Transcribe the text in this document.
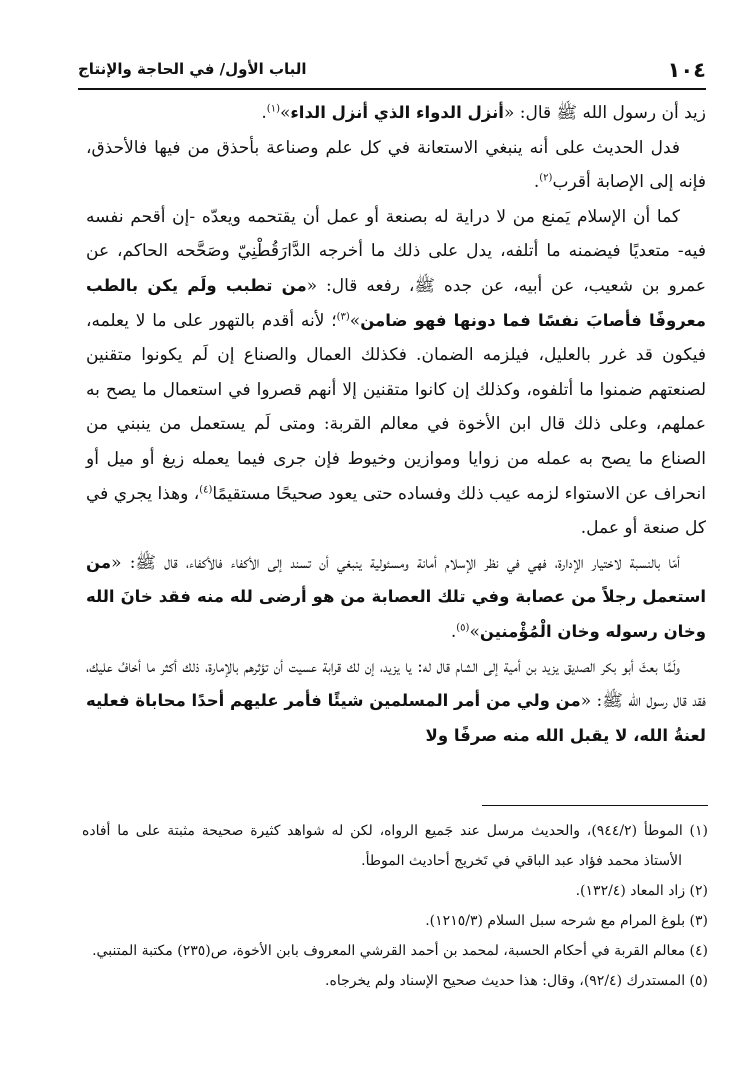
١٠٤
الباب الأول/ في الحاجة والإنتاج

زيد أن رسول الله ﷺ قال: «أنزل الدواء الذي أنزل الداء»$^{(١)}$.

فدل الحديث على أنه ينبغي الاستعانة في كل علم وصناعة بأحذق من فيها فالأحذق، فإنه إلى الإصابة أقرب$^{(٢)}$.

كما أن الإسلام يَمنع من لا دراية له بصنعة أو عمل أن يقتحمه ويعدّه -إن أقحم نفسه فيه- متعديًا فيضمنه ما أتلفه، يدل على ذلك ما أخرجه الدَّارَقُطْنِيّ وصَحَّحه الحاكم، عن عمرو بن شعيب، عن أبيه، عن جده ﷺ، رفعه قال: «من تطبب ولَم يكن بالطب معروفًا فأصابَ نفسًا فما دونها فهو ضامن»$^{(٣)}$؛ لأنه أقدم بالتهور على ما لا يعلمه، فيكون قد غرر بالعليل، فيلزمه الضمان. فكذلك العمال والصناع إن لَم يكونوا متقنين لصنعتهم ضمنوا ما أتلفوه، وكذلك إن كانوا متقنين إلا أنهم قصروا في استعمال ما يصح به عملهم، وعلى ذلك قال ابن الأخوة في معالم القربة: ومتى لَم يستعمل من ينبني من الصناع ما يصح به عمله من زوايا وموازين وخيوط فإن جرى فيما يعمله زيغ أو ميل أو انحراف عن الاستواء لزمه عيب ذلك وفساده حتى يعود صحيحًا مستقيمًا$^{(٤)}$، وهذا يجري في كل صنعة أو عمل.

أمّا بالنسبة لاختيار الإدارة، فهي في نظر الإسلام أمانة ومسئولية ينبغي أن تسند إلى الأكفاء فالأكفاء، قال ﷺ: «من استعمل رجلاً من عصابة وفي تلك العصابة من هو أرضى لله منه فقد خانَ الله وخان رسوله وخان الْمُؤْمنين»$^{(٥)}$.

ولَمَّا بعثَ أبو بكر الصديق يزيد بن أمية إلى الشام قال له: يا يزيد، إن لك قرابة عسيت أن تؤثرهم بالإمارة، ذلك أكثر ما أخافُ عليك، فقد قال رسول الله ﷺ: «من ولي من أمر المسلمين شيئًا فأمر عليهم أحدًا محاباة فعليه لعنةُ الله، لا يقبل الله منه صرفًا ولا

(١) الموطأ (٩٤٤/٢)، والحديث مرسل عند جَميع الرواه، لكن له شواهد كثيرة صحيحة مثبتة على ما أفاده الأستاذ محمد فؤاد عبد الباقي في تَخريج أحاديث الموطأ.

(٢) زاد المعاد (١٣٢/٤).

(٣) بلوغ المرام مع شرحه سبل السلام (١٢١٥/٣).

(٤) معالم القربة في أحكام الحسبة، لمحمد بن أحمد القرشي المعروف بابن الأخوة، ص(٢٣٥) مكتبة المتنبي.

(٥) المستدرك (٩٢/٤)، وقال: هذا حديث صحيح الإسناد ولم يخرجاه.
